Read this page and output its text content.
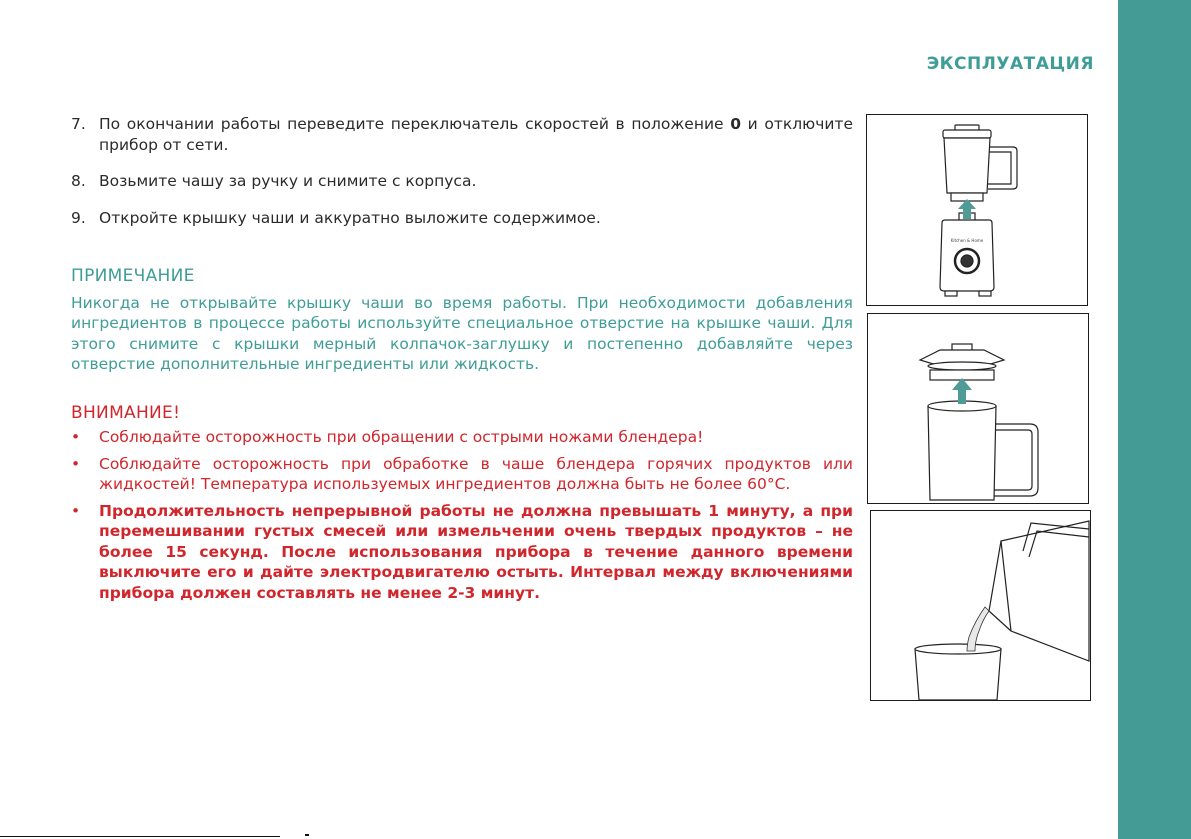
ЭКСПЛУАТАЦИЯ
7. По окончании работы переведите переключатель скоростей в положение 0 и отключите прибор от сети.
8. Возьмите чашу за ручку и снимите с корпуса.
9. Откройте крышку чаши и аккуратно выложите содержимое.
ПРИМЕЧАНИЕ
Никогда не открывайте крышку чаши во время работы. При необходимости добавления ингредиентов в процессе работы используйте специальное отверстие на крышке чаши. Для этого снимите с крышки мерный колпачок-заглушку и постепенно добавляйте через отверстие дополнительные ингредиенты или жидкость.
ВНИМАНИЕ!
•	Соблюдайте осторожность при обращении с острыми ножами блендера!
•	Соблюдайте осторожность при обработке в чаше блендера горячих продуктов или жидкостей! Температура используемых ингредиентов должна быть не более 60°С.
•	Продолжительность непрерывной работы не должна превышать 1 минуту, а при перемешивании густых смесей или измельчении очень твердых продуктов – не более 15 секунд. После использования прибора в течение данного времени выключите его и дайте электродвигателю остыть. Интервал между включениями прибора должен составлять не менее 2-3 минут.
Kitchen & Home
